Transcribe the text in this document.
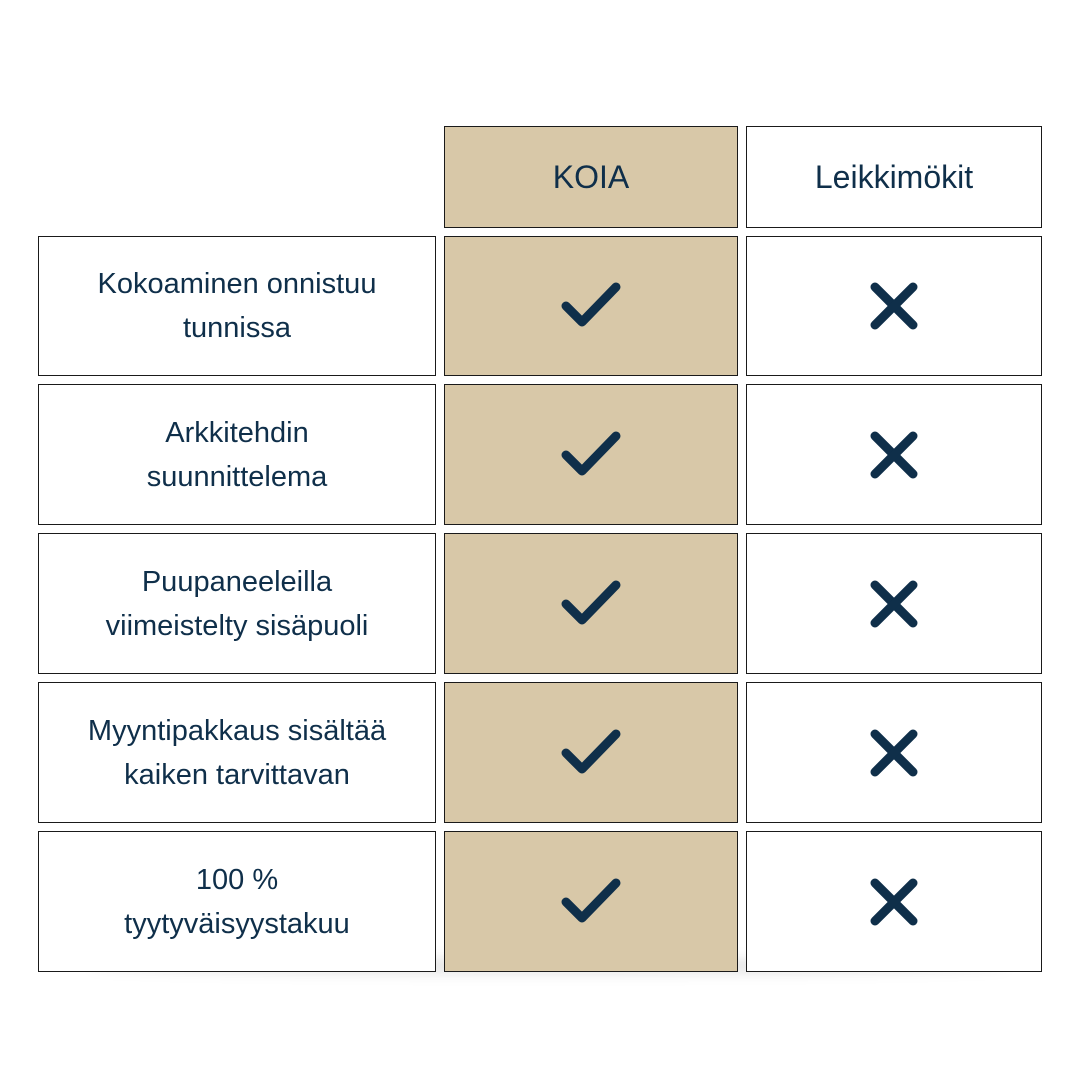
KOIA	Leikkimökit
Kokoaminen onnistuu
tunnissa
Arkkitehdin
suunnittelema
Puupaneeleilla
viimeistelty sisäpuoli
Myyntipakkaus sisältää
kaiken tarvittavan
100 %
tyytyväisyystakuu
